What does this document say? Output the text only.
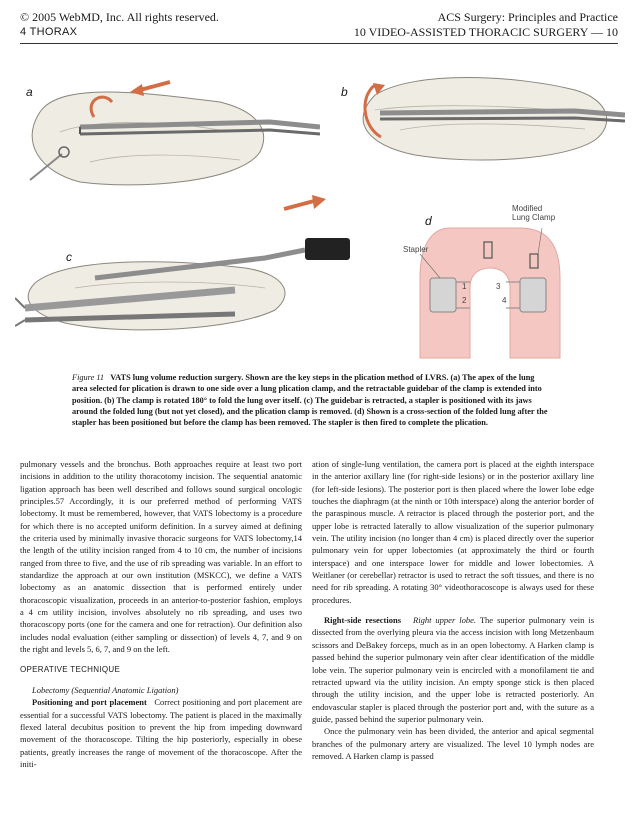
© 2005 WebMD, Inc. All rights reserved.
4 THORAX
ACS Surgery: Principles and Practice
10 VIDEO-ASSISTED THORACIC SURGERY — 10
a	b
c
d
Modified
Lung Clamp
Stapler
1
2
3
4
Figure 11 VATS lung volume reduction surgery. Shown are the key steps in the plication method of LVRS. (a) The apex of the lung area selected for plication is drawn to one side over a lung plication clamp, and the retractable guidebar of the clamp is extended into position. (b) The clamp is rotated 180° to fold the lung over itself. (c) The guidebar is retracted, a stapler is positioned with its jaws around the folded lung (but not yet closed), and the plication clamp is removed. (d) Shown is a cross-section of the folded lung after the stapler has been positioned but before the clamp has been removed. The stapler is then fired to complete the plication.

pulmonary vessels and the bronchus. Both approaches require at least two port incisions in addition to the utility thoracotomy incision. The sequential anatomic ligation approach has been well described and follows sound surgical oncologic principles.57 Accordingly, it is our preferred method of performing VATS lobectomy. It must be remembered, however, that VATS lobectomy is a procedure for which there is no accepted uniform definition. In a survey aimed at defining the criteria used by minimally invasive thoracic surgeons for VATS lobectomy,14 the length of the utility incision ranged from 4 to 10 cm, the number of incisions ranged from three to five, and the use of rib spreading was variable. In an effort to standardize the approach at our own institution (MSKCC), we define a VATS lobectomy as an anatomic dissection that is performed entirely under thoracoscopic visualization, proceeds in an anterior-to-posterior fashion, employs a 4 cm utility incision, involves absolutely no rib spreading, and uses two thoracoscopy ports (one for the camera and one for retraction). Our definition also includes nodal evaluation (either sampling or dissection) of levels 4, 7, and 9 on the right and levels 5, 6, 7, and 9 on the left.

OPERATIVE TECHNIQUE

Lobectomy (Sequential Anatomic Ligation)

Positioning and port placement Correct positioning and port placement are essential for a successful VATS lobectomy. The patient is placed in the maximally flexed lateral decubitus position to prevent the hip from impeding downward movement of the thoracoscope. Tilting the hip posteriorly, especially in obese patients, greatly increases the range of movement of the thoracoscope. After the initi-

ation of single-lung ventilation, the camera port is placed at the eighth interspace in the anterior axillary line (for right-side lesions) or in the posterior axillary line (for left-side lesions). The posterior port is then placed where the lower lobe edge touches the diaphragm (at the ninth or 10th interspace) along the anterior border of the paraspinous muscle. A retractor is placed through the posterior port, and the upper lobe is retracted laterally to allow visualization of the superior pulmonary vein. The utility incision (no longer than 4 cm) is placed directly over the superior pulmonary vein for upper lobectomies (at approximately the third or fourth interspace) and one interspace lower for middle and lower lobectomies. A Weitlaner (or cerebellar) retractor is used to retract the soft tissues, and there is no need for rib spreading. A rotating 30° videothoracoscope is always used for these procedures.

Right-side resections Right upper lobe. The superior pulmonary vein is dissected from the overlying pleura via the access incision with long Metzenbaum scissors and DeBakey forceps, much as in an open lobectomy. A Harken clamp is passed behind the superior pulmonary vein after clear identification of the middle lobe vein. The superior pulmonary vein is encircled with a monofilament tie and retracted upward via the utility incision. An empty sponge stick is then placed through the utility incision, and the upper lobe is retracted posteriorly. An endovascular stapler is placed through the posterior port and, with the suture as a guide, passed behind the superior pulmonary vein.

Once the pulmonary vein has been divided, the anterior and apical segmental branches of the pulmonary artery are visualized. The level 10 lymph nodes are removed. A Harken clamp is passed
